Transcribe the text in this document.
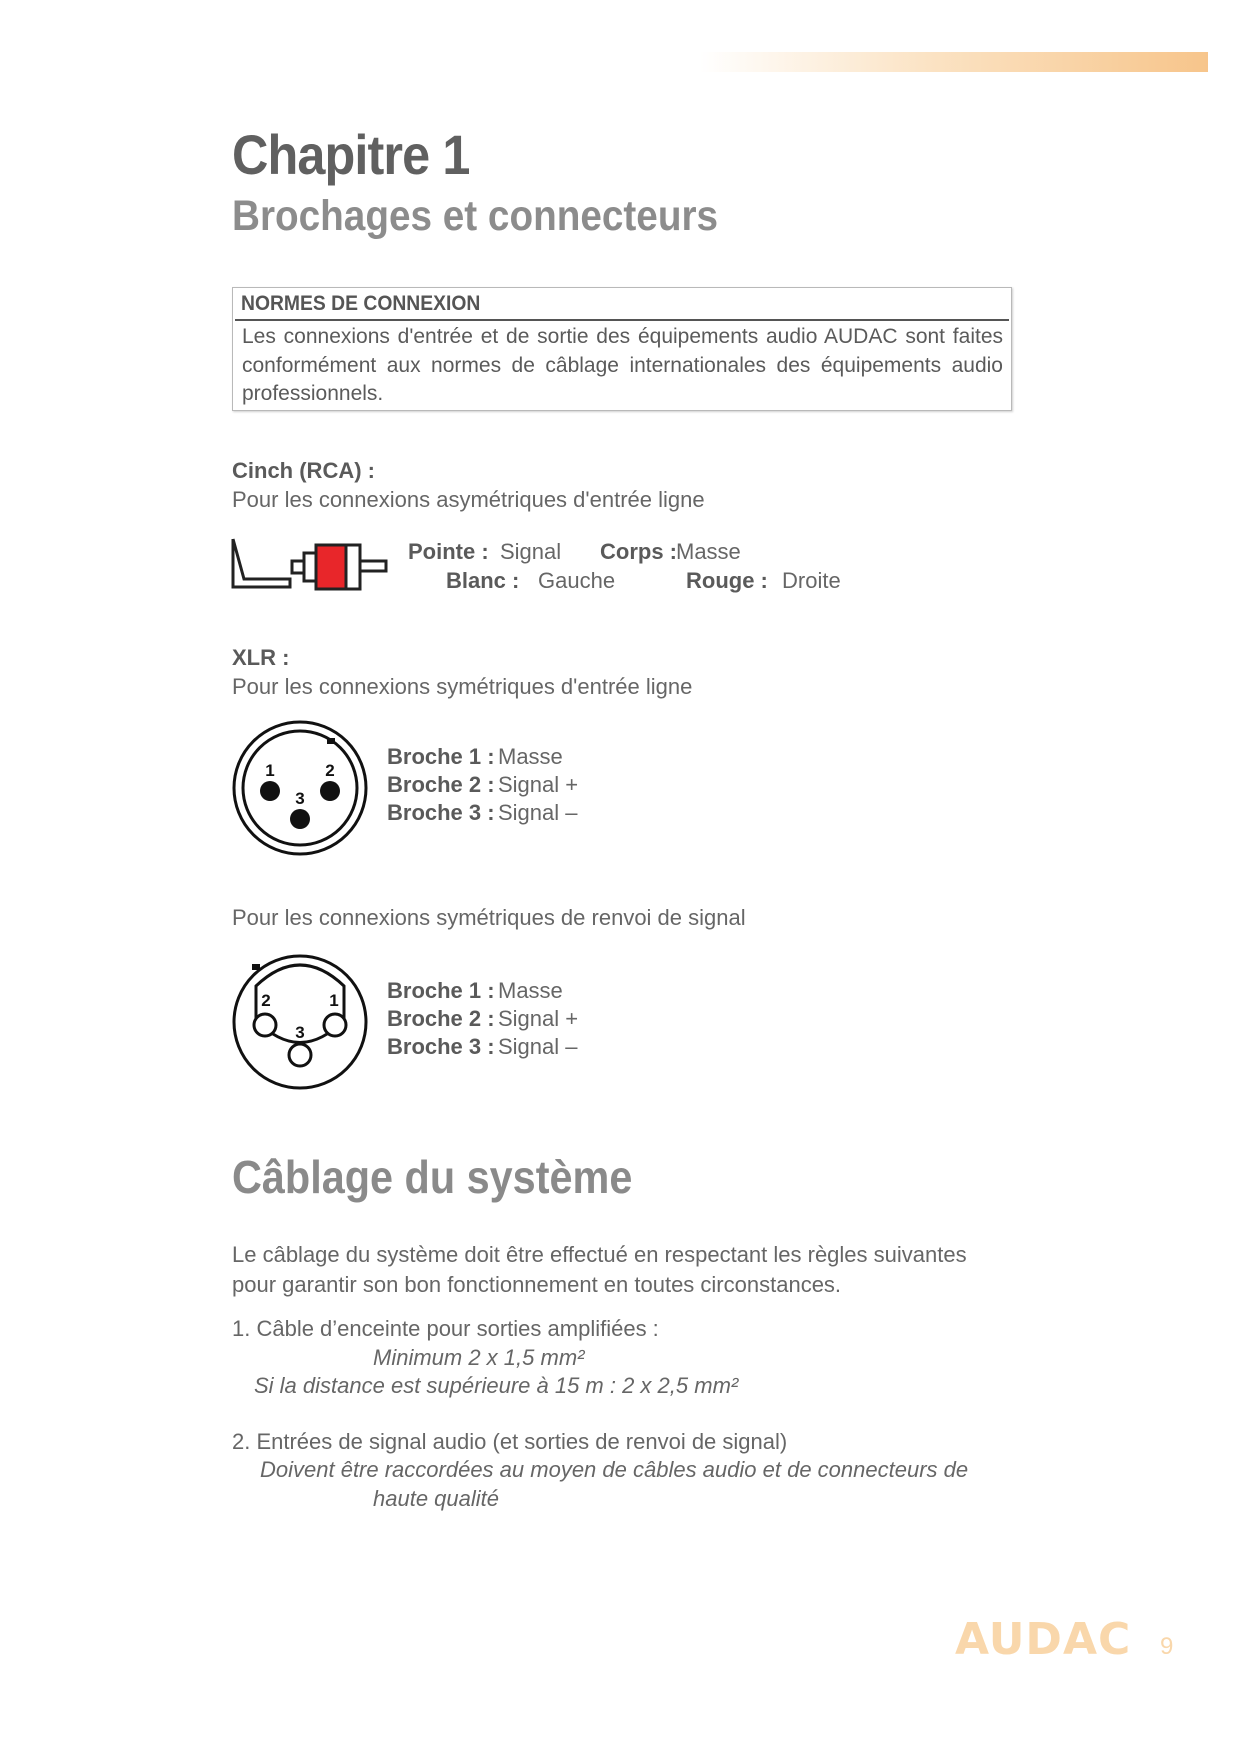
Chapitre 1
Brochages et connecteurs
NORMES DE CONNEXION
Les connexions d'entrée et de sortie des équipements audio AUDAC sont faites conformément aux normes de câblage internationales des équipements audio professionnels.
Cinch (RCA) :
Pour les connexions asymétriques d'entrée ligne
Pointe : Signal Corps : Masse
Blanc : Gauche	Rouge : Droite
XLR :
Pour les connexions symétriques d'entrée ligne
1	2
3
Broche 1 : Masse
Broche 2 : Signal +
Broche 3 : Signal –
Pour les connexions symétriques de renvoi de signal
2	1
3
Broche 1 : Masse
Broche 2 : Signal +
Broche 3 : Signal –
Câblage du système
Le câblage du système doit être effectué en respectant les règles suivantes pour garantir son bon fonctionnement en toutes circonstances.
1. Câble d’enceinte pour sorties amplifiées :
Minimum 2 x 1,5 mm²
Si la distance est supérieure à 15 m : 2 x 2,5 mm²
2. Entrées de signal audio (et sorties de renvoi de signal)
Doivent être raccordées au moyen de câbles audio et de connecteurs de
haute qualité
AUDAC 9
